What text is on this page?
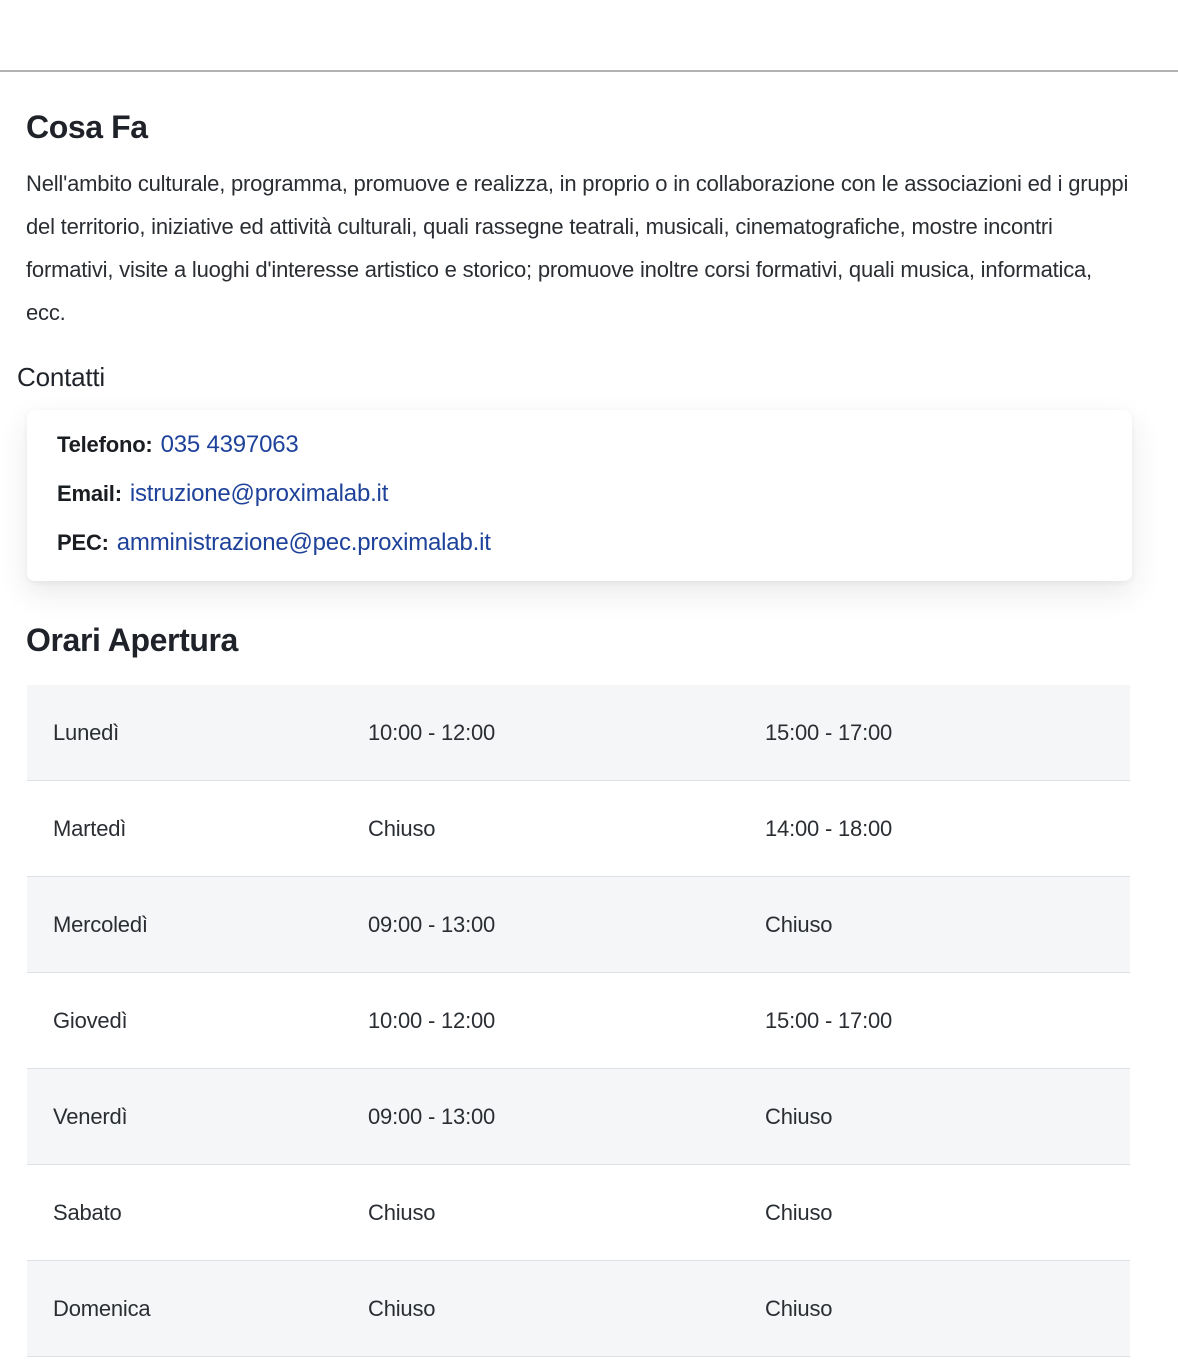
Cosa Fa

Nell'ambito culturale, programma, promuove e realizza, in proprio o in collaborazione con le associazioni ed i gruppi del territorio, iniziative ed attività culturali, quali rassegne teatrali, musicali, cinematografiche, mostre incontri formativi, visite a luoghi d'interesse artistico e storico; promuove inoltre corsi formativi, quali musica, informatica, ecc.

Contatti

Telefono: 035 4397063

Email: istruzione@proximalab.it

PEC: amministrazione@pec.proximalab.it

Orari Apertura
Lunedì	10:00 - 12:00	15:00 - 17:00
Martedì	Chiuso	14:00 - 18:00
Mercoledì	09:00 - 13:00	Chiuso
Giovedì	10:00 - 12:00	15:00 - 17:00
Venerdì	09:00 - 13:00	Chiuso
Sabato	Chiuso	Chiuso
Domenica	Chiuso	Chiuso
